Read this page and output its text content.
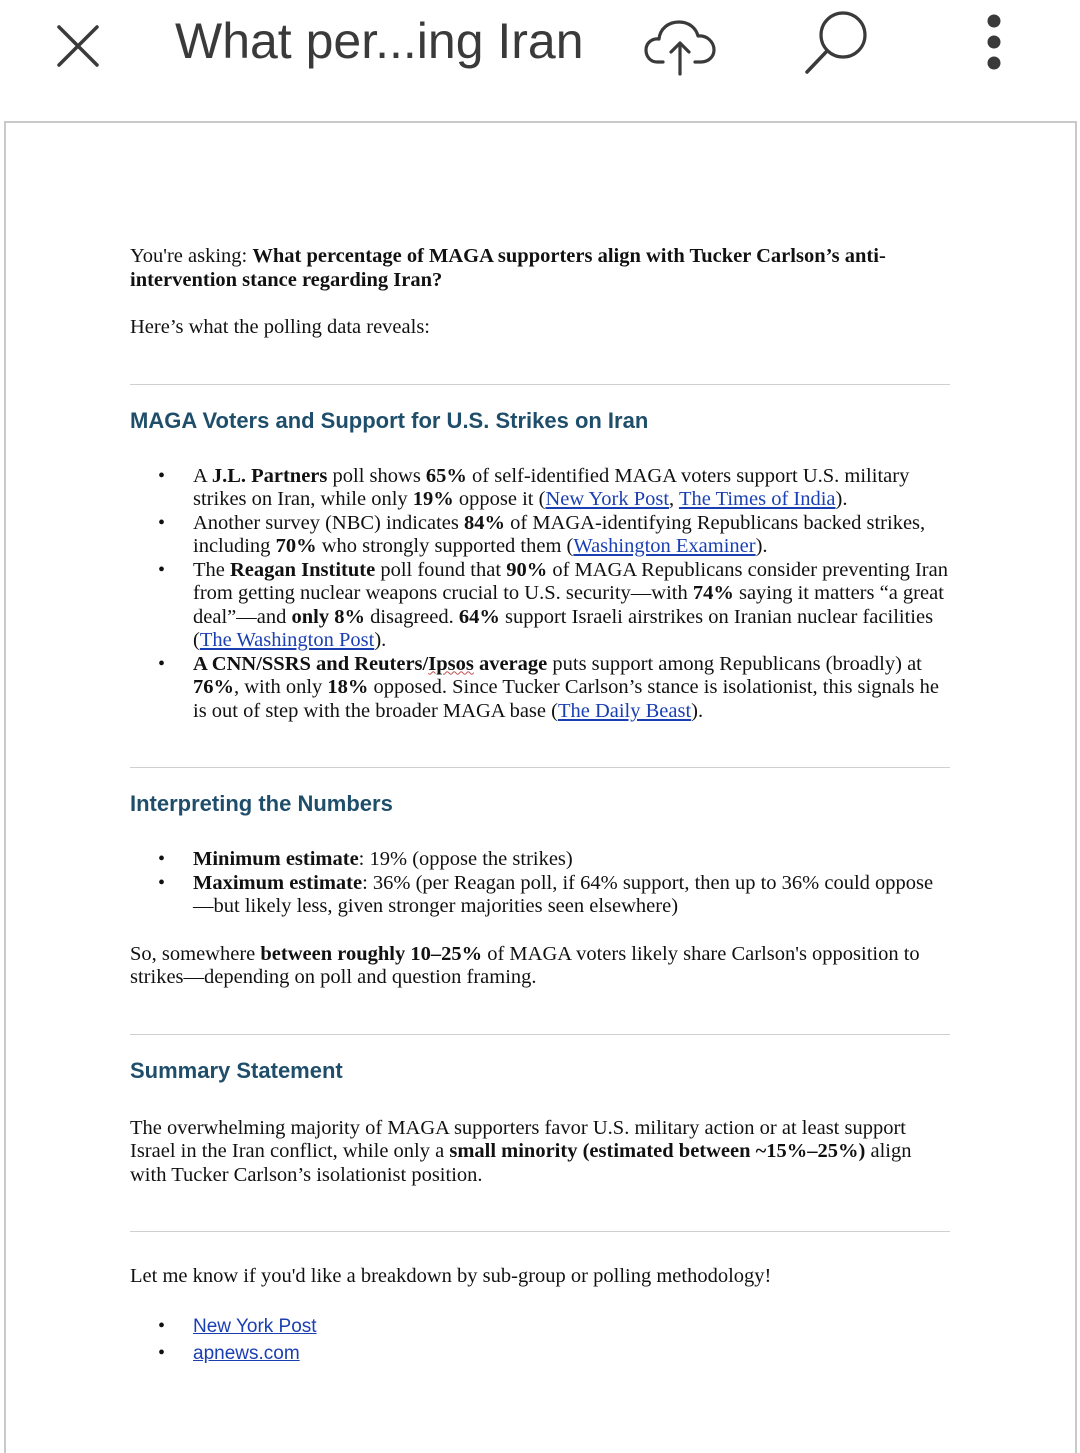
What per...ing Iran

You're asking: What percentage of MAGA supporters align with Tucker Carlson’s anti-intervention stance regarding Iran?

Here’s what the polling data reveals:

MAGA Voters and Support for U.S. Strikes on Iran
• A J.L. Partners poll shows 65% of self-identified MAGA voters support U.S. military strikes on Iran, while only 19% oppose it (New York Post, The Times of India).
• Another survey (NBC) indicates 84% of MAGA-identifying Republicans backed strikes, including 70% who strongly supported them (Washington Examiner).
• The Reagan Institute poll found that 90% of MAGA Republicans consider preventing Iran from getting nuclear weapons crucial to U.S. security—with 74% saying it matters “a great deal”—and only 8% disagreed. 64% support Israeli airstrikes on Iranian nuclear facilities (The Washington Post).
• A CNN/SSRS and Reuters/Ipsos average puts support among Republicans (broadly) at 76%, with only 18% opposed. Since Tucker Carlson’s stance is isolationist, this signals he is out of step with the broader MAGA base (The Daily Beast).
Interpreting the Numbers
• Minimum estimate: 19% (oppose the strikes)
• Maximum estimate: 36% (per Reagan poll, if 64% support, then up to 36% could oppose—but likely less, given stronger majorities seen elsewhere)

So, somewhere between roughly 10–25% of MAGA voters likely share Carlson's opposition to strikes—depending on poll and question framing.

Summary Statement

The overwhelming majority of MAGA supporters favor U.S. military action or at least support Israel in the Iran conflict, while only a small minority (estimated between ~15%–25%) align with Tucker Carlson’s isolationist position.

Let me know if you'd like a breakdown by sub-group or polling methodology!

• New York Post
• apnews.com
